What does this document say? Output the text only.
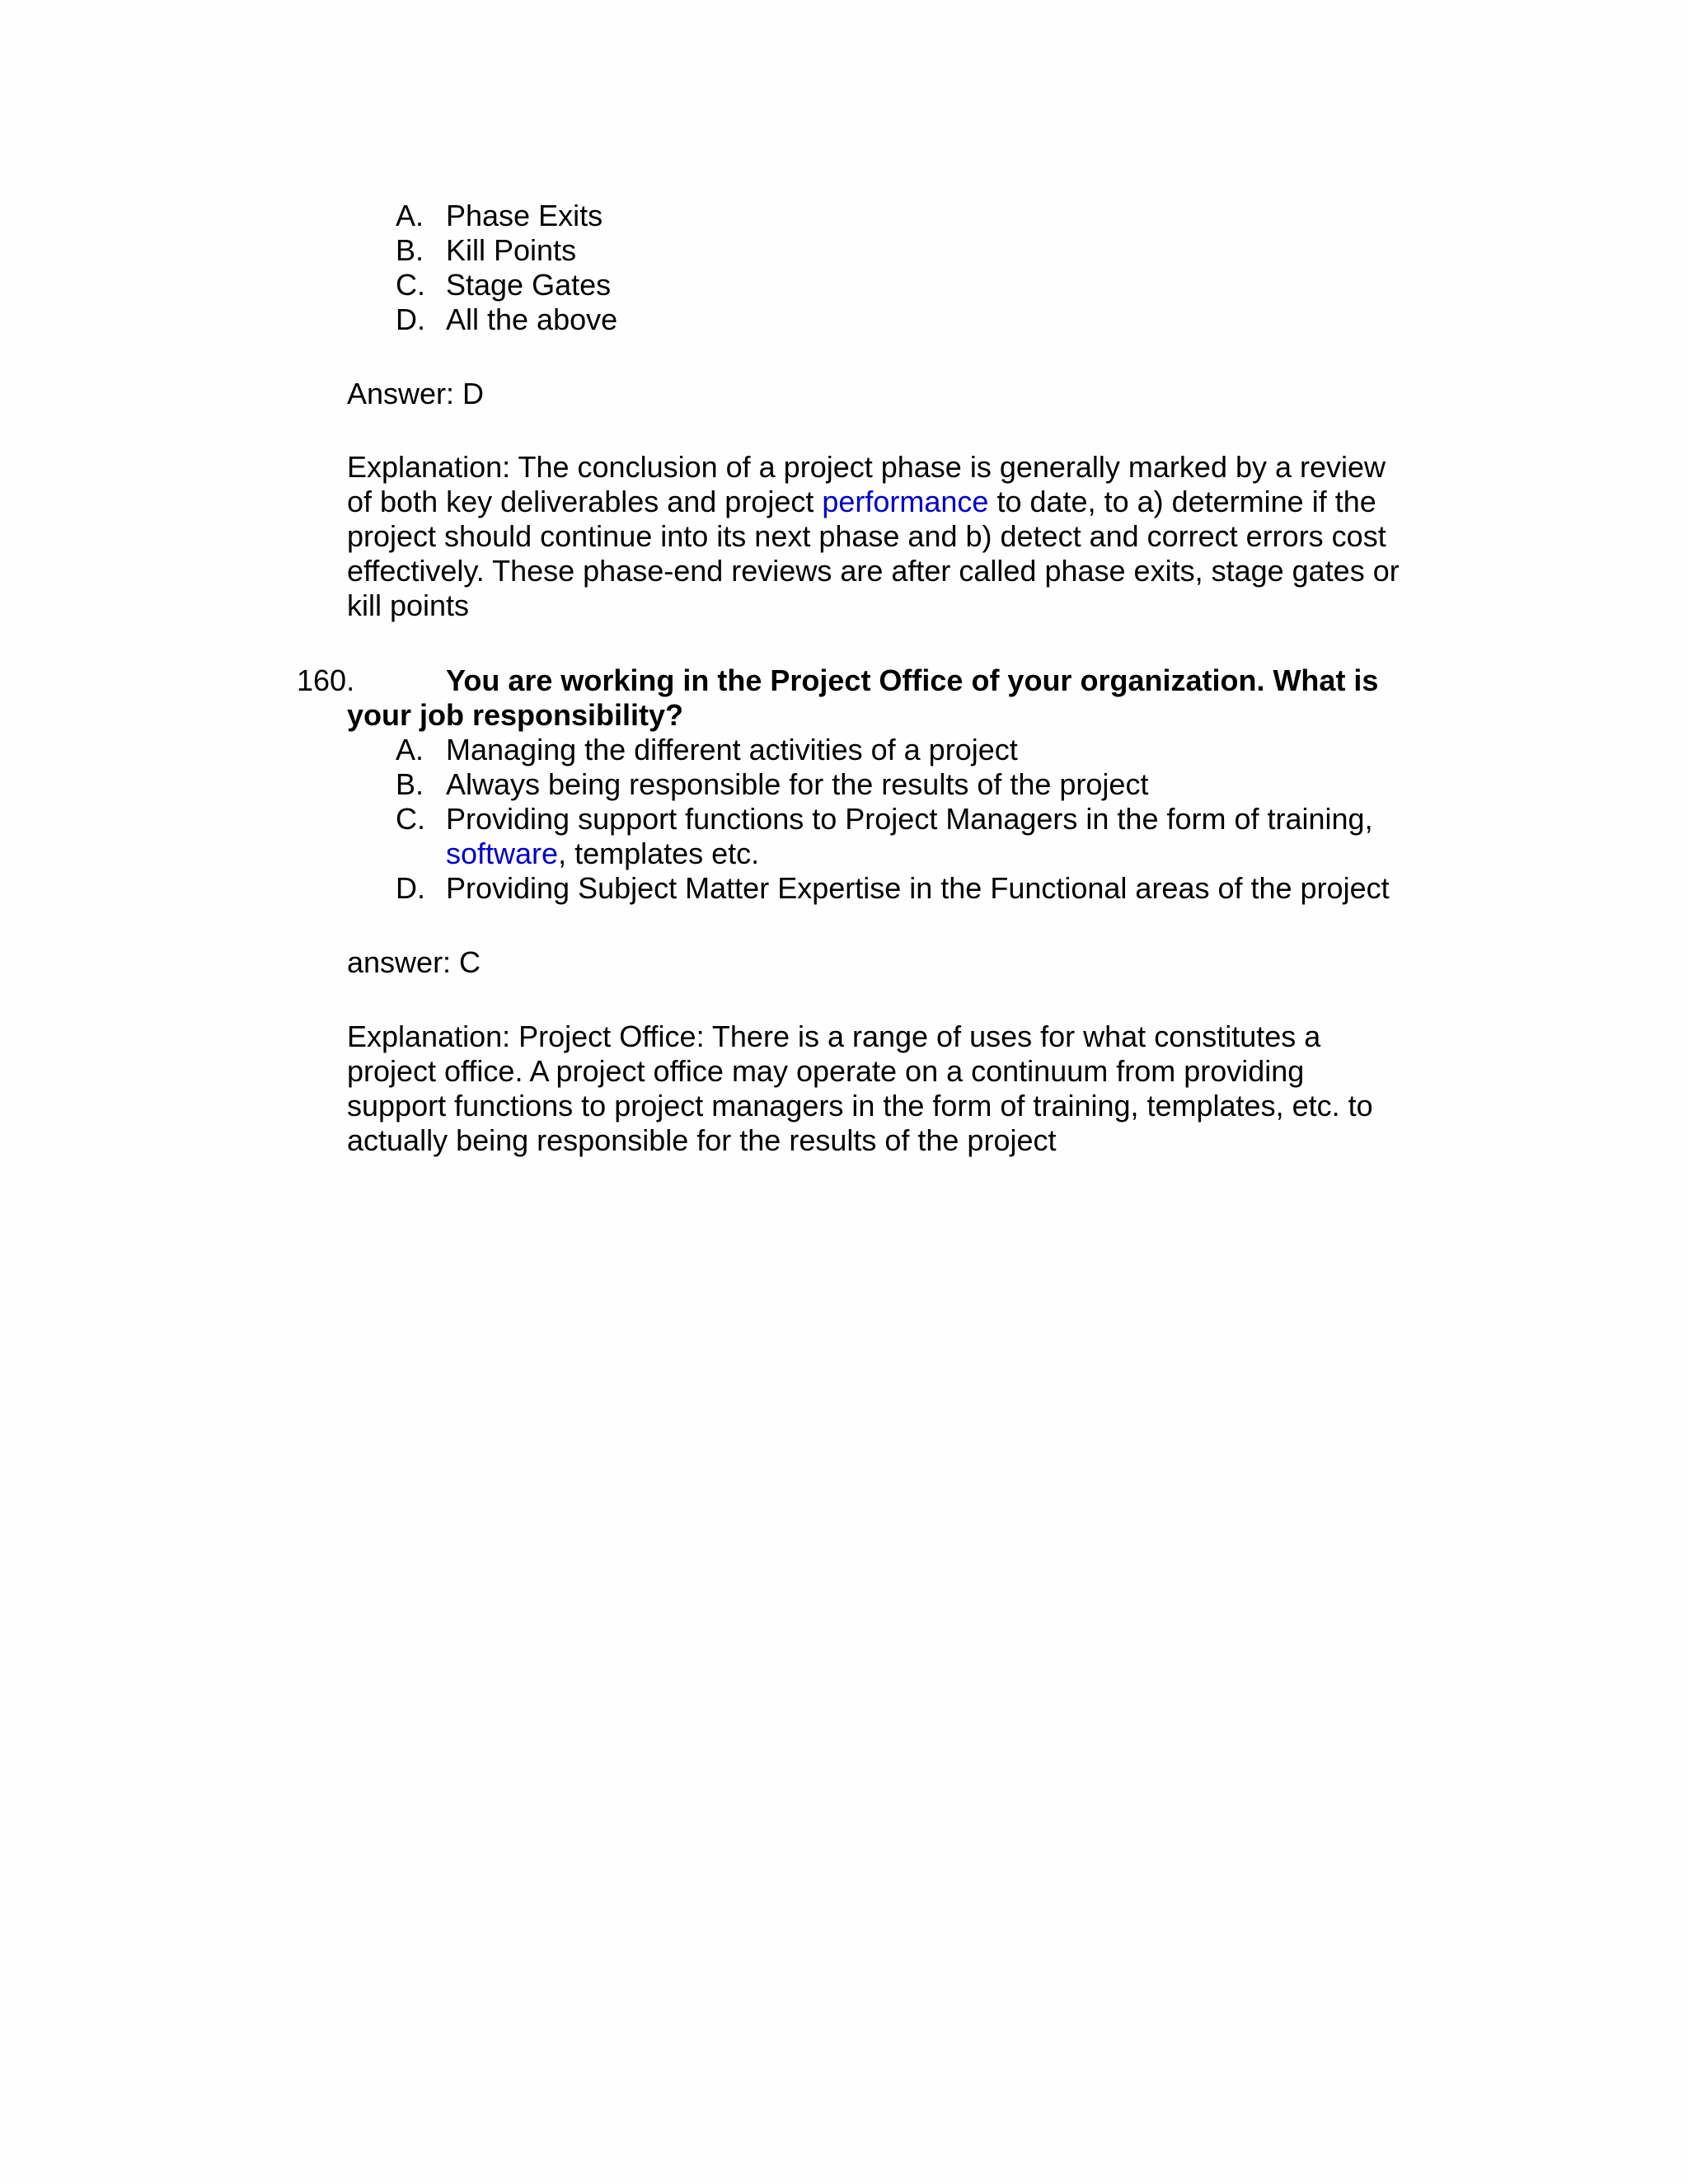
A. Phase Exits
B. Kill Points
C. Stage Gates
D. All the above
Answer: D
Explanation: The conclusion of a project phase is generally marked by a review
of both key deliverables and project performance to date, to a) determine if the
project should continue into its next phase and b) detect and correct errors cost
effectively. These phase-end reviews are after called phase exits, stage gates or
kill points
160.	You are working in the Project Office of your organization. What is
your job responsibility?
A. Managing the different activities of a project
B. Always being responsible for the results of the project
C. Providing support functions to Project Managers in the form of training,
software, templates etc.
D. Providing Subject Matter Expertise in the Functional areas of the project
answer: C
Explanation: Project Office: There is a range of uses for what constitutes a
project office. A project office may operate on a continuum from providing
support functions to project managers in the form of training, templates, etc. to
actually being responsible for the results of the project
